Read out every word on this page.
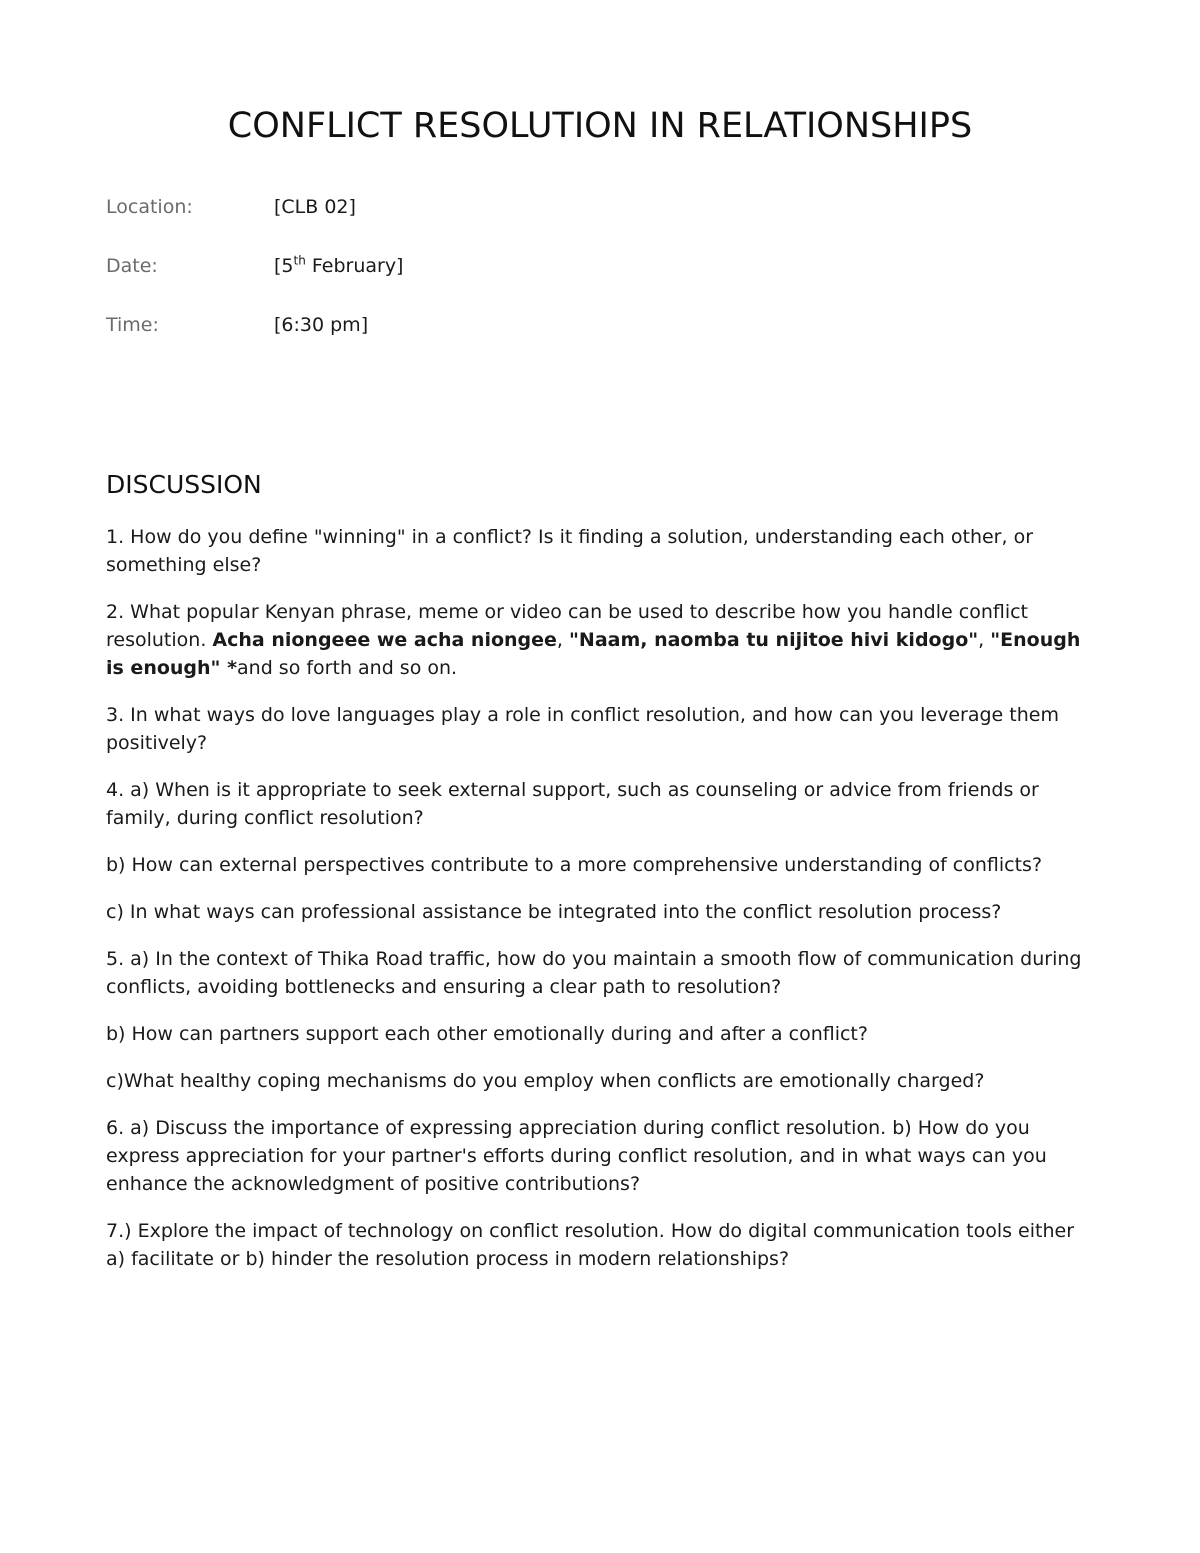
CONFLICT RESOLUTION IN RELATIONSHIPS
Location:	[CLB 02]
Date:	[5th February]
Time:	[6:30 pm]
DISCUSSION

1. How do you define "winning" in a conflict? Is it finding a solution, understanding each other, or something else?

2. What popular Kenyan phrase, meme or video can be used to describe how you handle conflict resolution. Acha niongeee we acha niongee, "Naam, naomba tu nijitoe hivi kidogo", "Enough is enough" *and so forth and so on.

3. In what ways do love languages play a role in conflict resolution, and how can you leverage them positively?

4. a) When is it appropriate to seek external support, such as counseling or advice from friends or family, during conflict resolution?

b) How can external perspectives contribute to a more comprehensive understanding of conflicts?

c) In what ways can professional assistance be integrated into the conflict resolution process?

5. a) In the context of Thika Road traffic, how do you maintain a smooth flow of communication during conflicts, avoiding bottlenecks and ensuring a clear path to resolution?

b) How can partners support each other emotionally during and after a conflict?

c)What healthy coping mechanisms do you employ when conflicts are emotionally charged?

6. a) Discuss the importance of expressing appreciation during conflict resolution. b) How do you express appreciation for your partner's efforts during conflict resolution, and in what ways can you enhance the acknowledgment of positive contributions?

7.) Explore the impact of technology on conflict resolution. How do digital communication tools either a) facilitate or b) hinder the resolution process in modern relationships?
